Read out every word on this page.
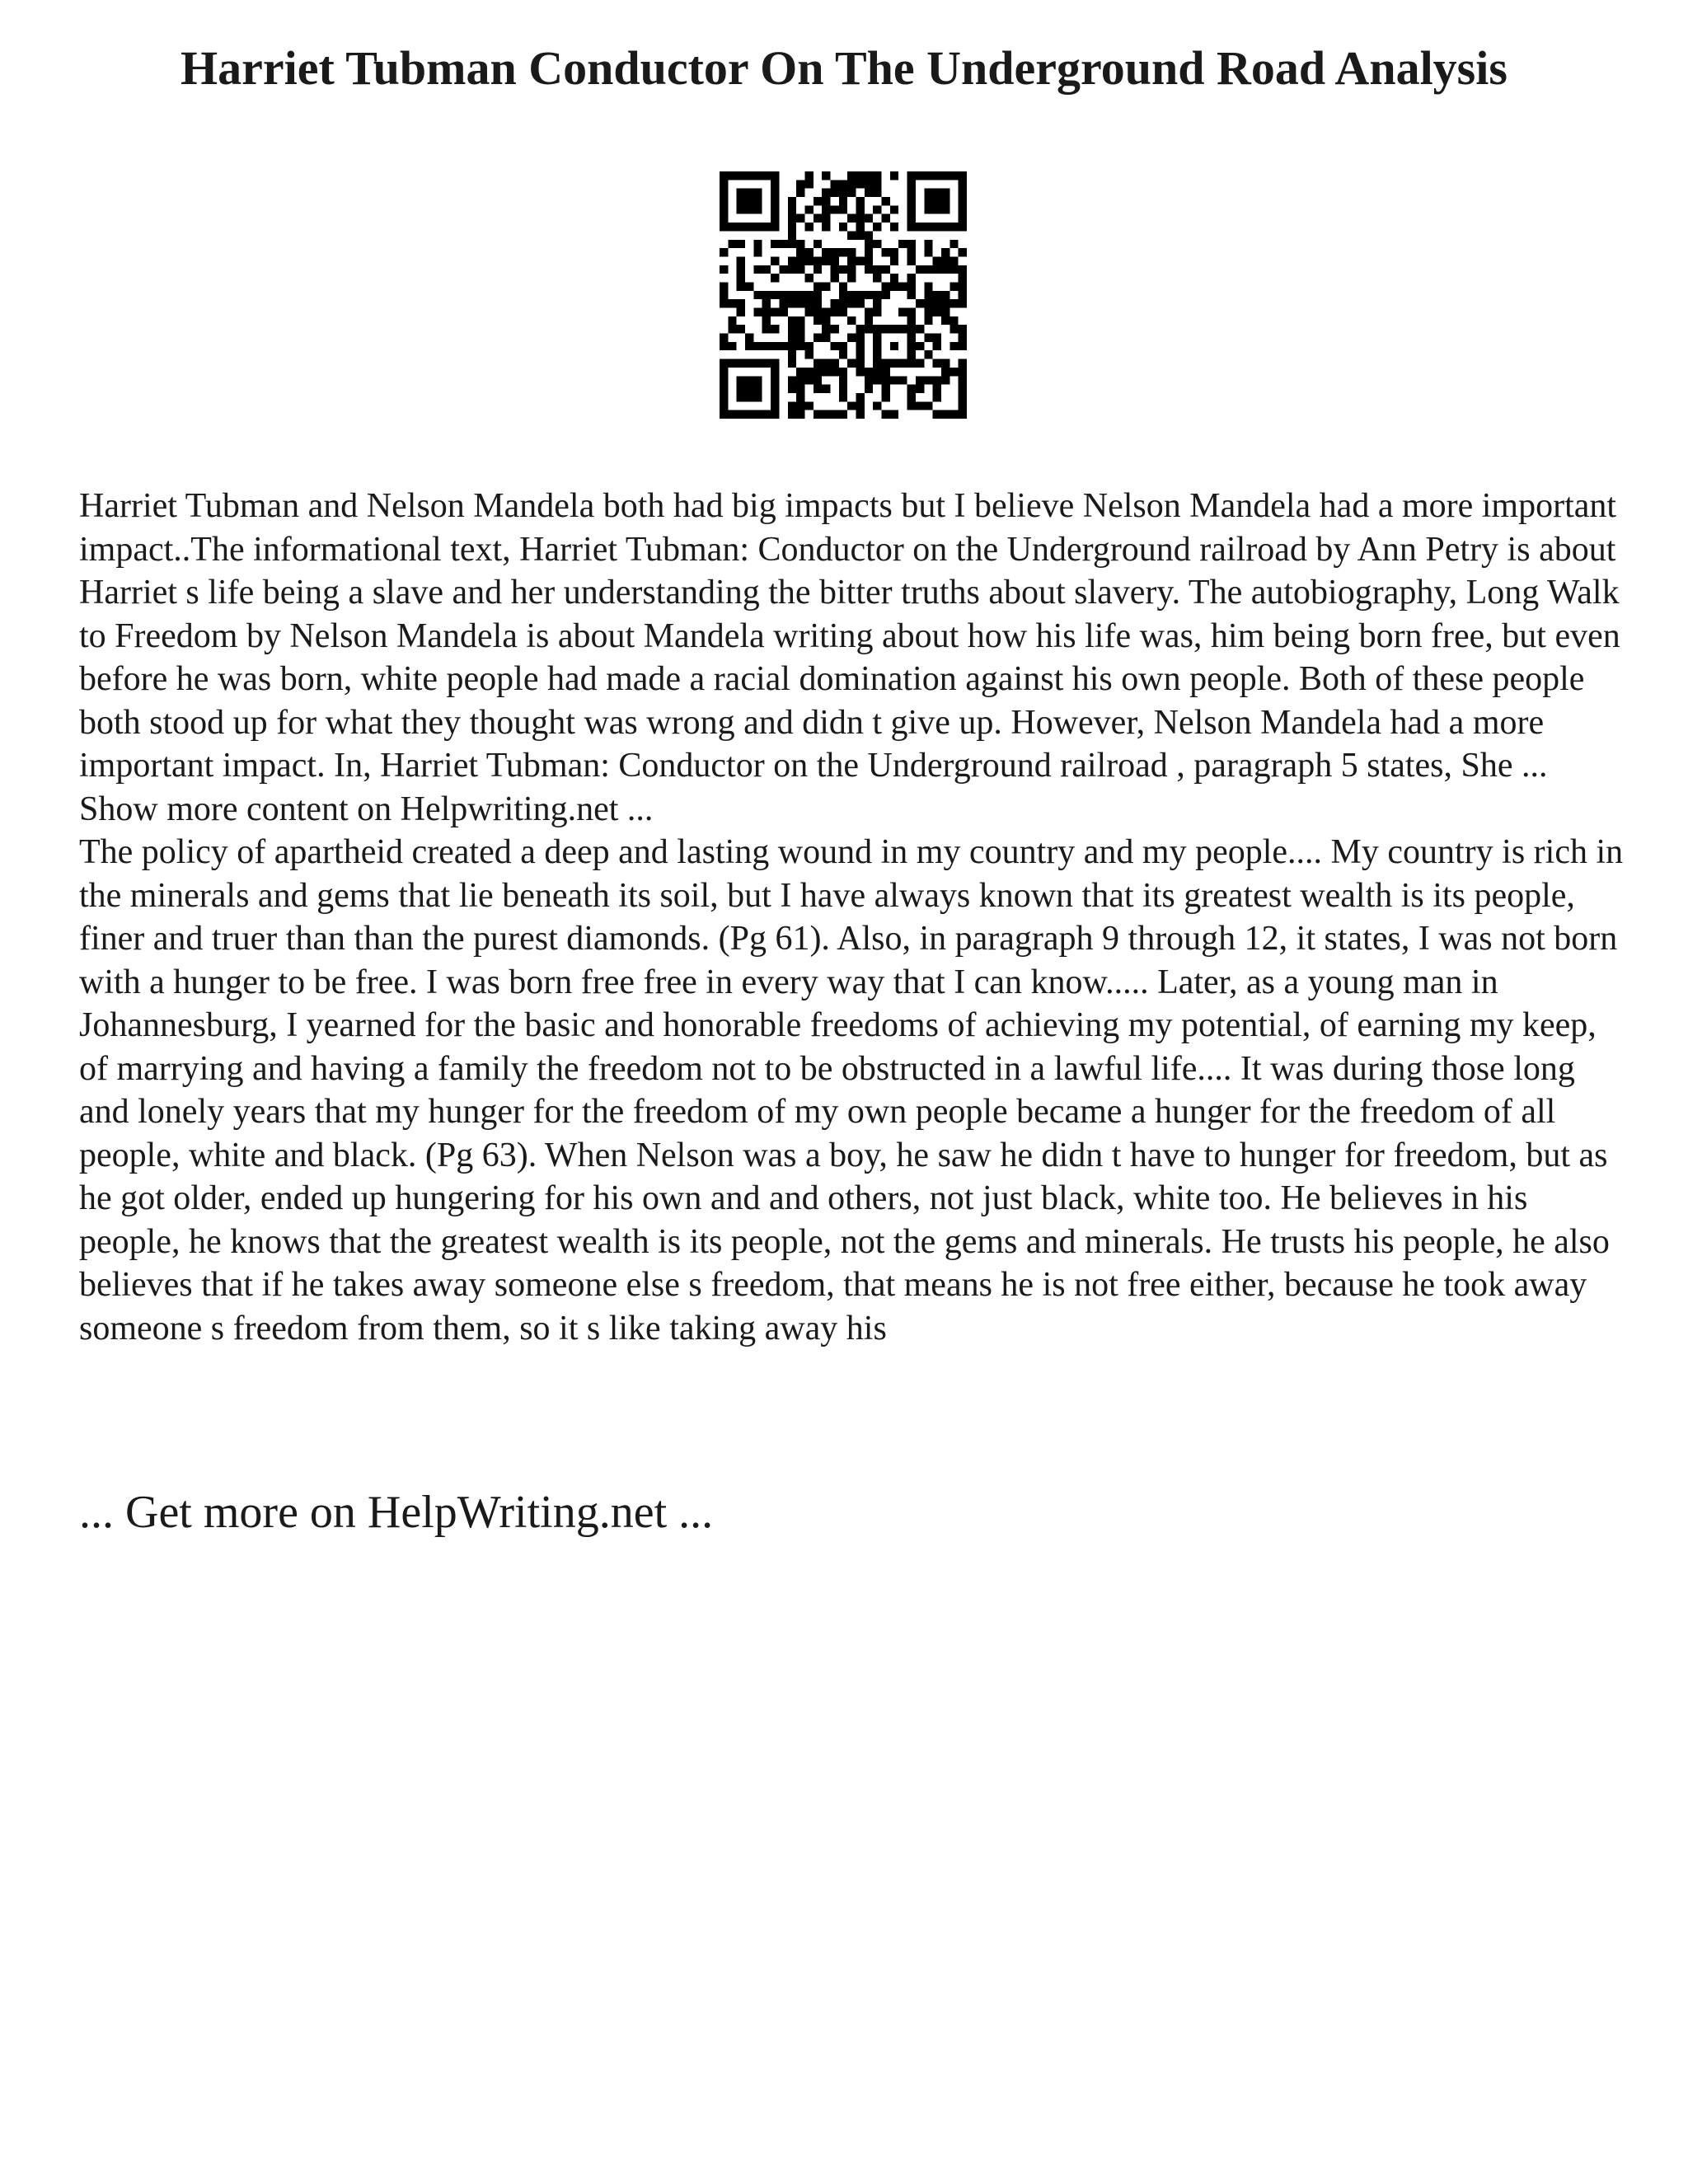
Harriet Tubman Conductor On The Underground Road Analysis

Harriet Tubman and Nelson Mandela both had big impacts but I believe Nelson Mandela had a more important impact..The informational text, Harriet Tubman: Conductor on the Underground railroad by Ann Petry is about Harriet s life being a slave and her understanding the bitter truths about slavery. The autobiography, Long Walk to Freedom by Nelson Mandela is about Mandela writing about how his life was, him being born free, but even before he was born, white people had made a racial domination against his own people. Both of these people both stood up for what they thought was wrong and didn t give up. However, Nelson Mandela had a more important impact. In, Harriet Tubman: Conductor on the Underground railroad , paragraph 5 states, She ... Show more content on Helpwriting.net ...

The policy of apartheid created a deep and lasting wound in my country and my people.... My country is rich in the minerals and gems that lie beneath its soil, but I have always known that its greatest wealth is its people, finer and truer than than the purest diamonds. (Pg 61). Also, in paragraph 9 through 12, it states, I was not born with a hunger to be free. I was born free free in every way that I can know..... Later, as a young man in Johannesburg, I yearned for the basic and honorable freedoms of achieving my potential, of earning my keep, of marrying and having a family the freedom not to be obstructed in a lawful life.... It was during those long and lonely years that my hunger for the freedom of my own people became a hunger for the freedom of all people, white and black. (Pg 63). When Nelson was a boy, he saw he didn t have to hunger for freedom, but as he got older, ended up hungering for his own and and others, not just black, white too. He believes in his people, he knows that the greatest wealth is its people, not the gems and minerals. He trusts his people, he also believes that if he takes away someone else s freedom, that means he is not free either, because he took away someone s freedom from them, so it s like taking away his

... Get more on HelpWriting.net ...
